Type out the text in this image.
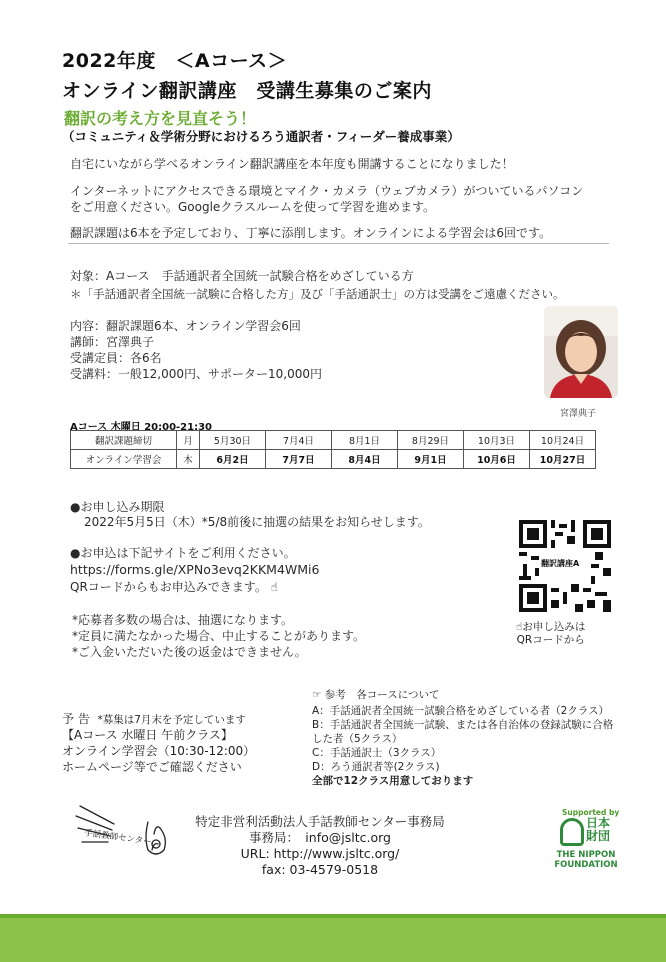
2022年度　＜Aコース＞
オンライン翻訳講座　受講生募集のご案内
翻訳の考え方を見直そう！
（コミュニティ＆学術分野におけるろう通訳者・フィーダー養成事業）
自宅にいながら学べるオンライン翻訳講座を本年度も開講することになりました！
インターネットにアクセスできる環境とマイク・カメラ（ウェブカメラ）がついているパソコン
をご用意ください。Googleクラスルームを使って学習を進めます。
翻訳課題は6本を予定しており、丁寧に添削します。オンラインによる学習会は6回です。
対象：Aコース　手話通訳者全国統一試験合格をめざしている方
＊「手話通訳者全国統一試験に合格した方」及び「手話通訳士」の方は受講をご遠慮ください。
内容：翻訳課題6本、オンライン学習会6回
講師：宮澤典子
受講定員：各6名
受講料：一般12,000円、サポーター10,000円
宮澤典子
Aコース 木曜日 20:00-21:30
翻訳課題締切	月	5月30日	7月4日	8月1日	8月29日	10月3日	10月24日
オンライン学習会	木	6月2日	7月7日	8月4日	9月1日	10月6日	10月27日
●お申し込み期限
2022年5月5日（木）*5/8前後に抽選の結果をお知らせします。
●お申込は下記サイトをご利用ください。
https://forms.gle/XPNo3evq2KKM4WMi6
QRコードからもお申込みできます。 ☝
翻訳講座A
☝お申し込みは
QRコードから
*応募者多数の場合は、抽選になります。
*定員に満たなかった場合、中止することがあります。
*ご入金いただいた後の返金はできません。
予 告 *募集は7月末を予定しています
【Aコース 水曜日 午前クラス】
オンライン学習会（10:30-12:00）
ホームページ等でご確認ください
☞ 参考　各コースについて
A：手話通訳者全国統一試験合格をめざしている者（2クラス）
B：手話通訳者全国統一試験、または各自治体の登録試験に合格
した者（5クラス）
C：手話通訳士（3クラス）
D：ろう通訳者等(2クラス)
全部で12クラス用意しております
手話教師センター
特定非営利活動法人手話教師センター事務局
事務局：　info@jsltc.org
URL: http://www.jsltc.org/
fax: 03-4579-0518
Supported by
日本
財団
THE NIPPON
FOUNDATION
